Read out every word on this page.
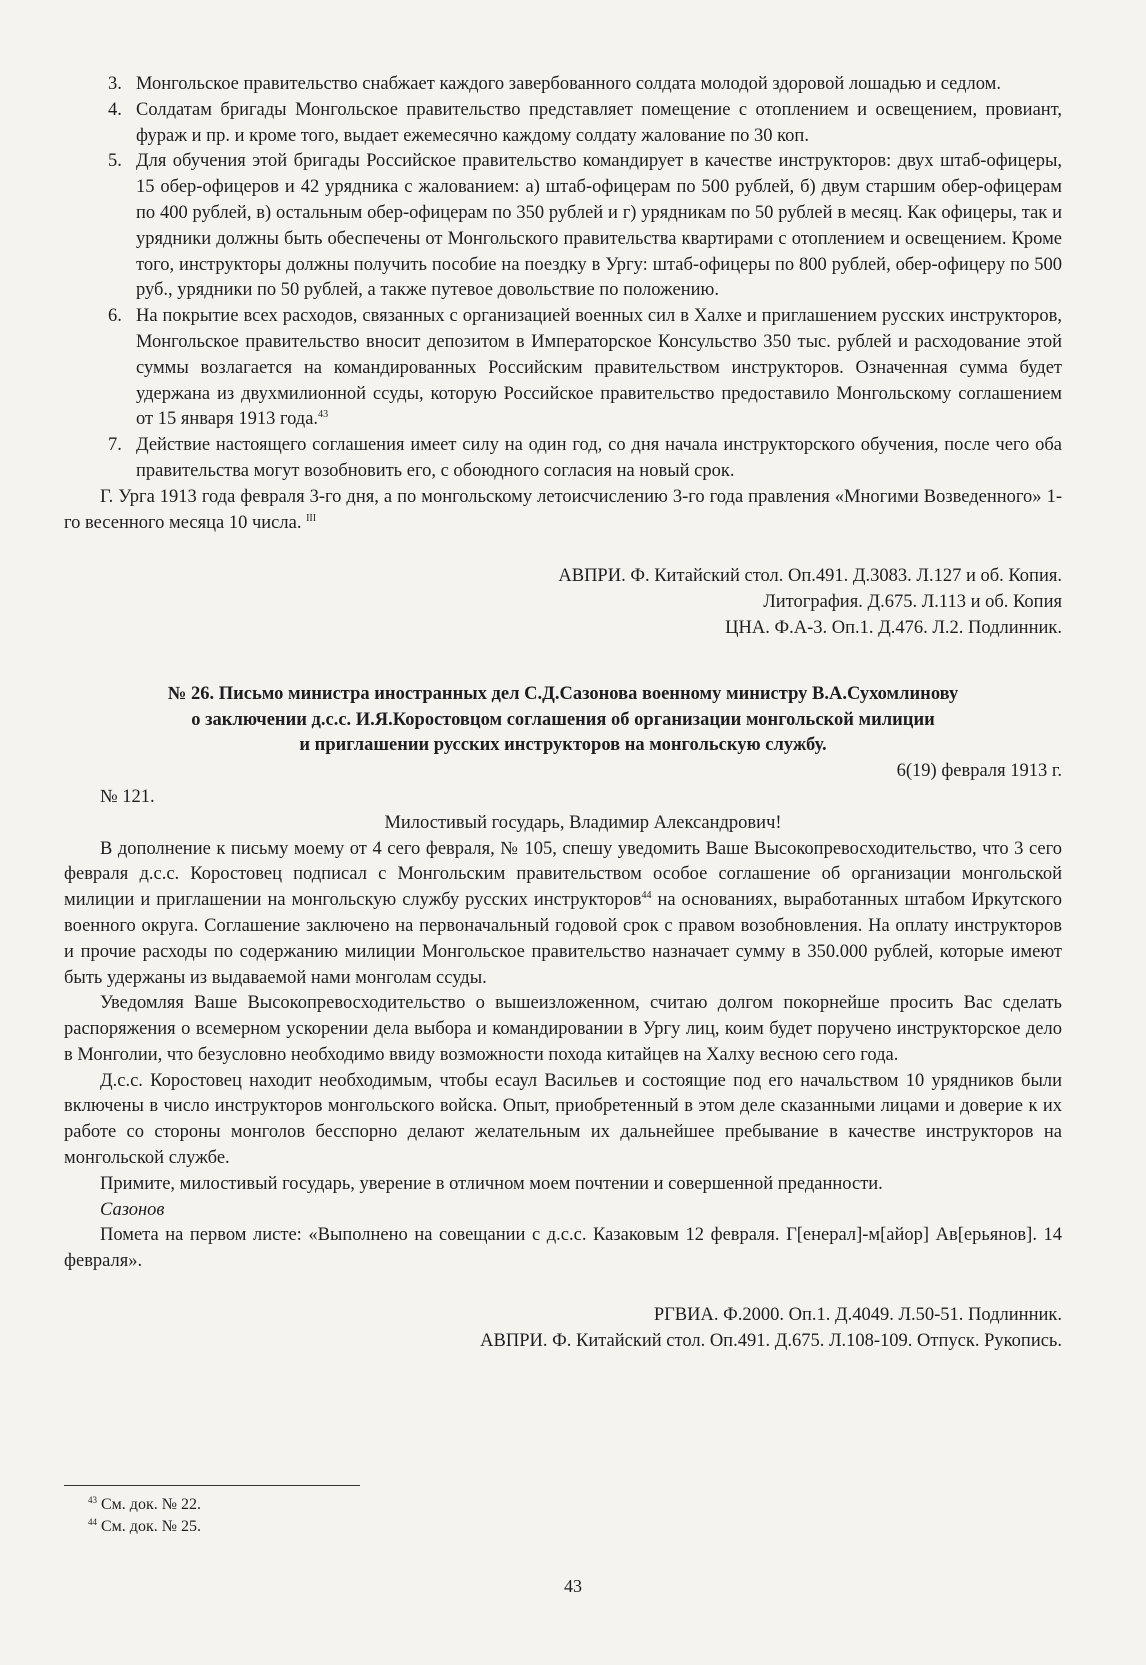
3. Монгольское правительство снабжает каждого завербованного солдата молодой здоровой лошадью и седлом.
4. Солдатам бригады Монгольское правительство представляет помещение с отоплением и освещением, провиант, фураж и пр. и кроме того, выдает ежемесячно каждому солдату жалование по 30 коп.
5. Для обучения этой бригады Российское правительство командирует в качестве инструкторов: двух штаб-офицеры, 15 обер-офицеров и 42 урядника с жалованием: а) штаб-офицерам по 500 рублей, б) двум старшим обер-офицерам по 400 рублей, в) остальным обер-офицерам по 350 рублей и г) урядникам по 50 рублей в месяц. Как офицеры, так и урядники должны быть обеспечены от Монгольского правительства квартирами с отоплением и освещением. Кроме того, инструкторы должны получить пособие на поездку в Ургу: штаб-офицеры по 800 рублей, обер-офицеру по 500 руб., урядники по 50 рублей, а также путевое довольствие по положению.
6. На покрытие всех расходов, связанных с организацией военных сил в Халхе и приглашением русских инструкторов, Монгольское правительство вносит депозитом в Императорское Консульство 350 тыс. рублей и расходование этой суммы возлагается на командированных Российским правительством инструкторов. Означенная сумма будет удержана из двухмилионной ссуды, которую Российское правительство предоставило Монгольскому соглашением от 15 января 1913 года.$^{43}$
7. Действие настоящего соглашения имеет силу на один год, со дня начала инструкторского обучения, после чего оба правительства могут возобновить его, с обоюдного согласия на новый срок.

Г. Урга 1913 года февраля 3-го дня, а по монгольскому летоисчислению 3-го года правления «Многими Возведенного» 1-го весенного месяца 10 числа. $^{III}$

АВПРИ. Ф. Китайский стол. Оп.491. Д.3083. Л.127 и об. Копия.
Литография. Д.675. Л.113 и об. Копия
ЦНА. Ф.А-3. Оп.1. Д.476. Л.2. Подлинник.
№ 26. Письмо министра иностранных дел С.Д.Сазонова военному министру В.А.Сухомлинову
о заключении д.с.с. И.Я.Коростовцом соглашения об организации монгольской милиции
и приглашении русских инструкторов на монгольскую службу.
6(19) февраля 1913 г.
№ 121.
Милостивый государь, Владимир Александрович!

В дополнение к письму моему от 4 сего февраля, № 105, спешу уведомить Ваше Высокопревосходительство, что 3 сего февраля д.с.с. Коростовец подписал с Монгольским правительством особое соглашение об организации монгольской милиции и приглашении на монгольскую службу русских инструкторов$^{44}$ на основаниях, выработанных штабом Иркутского военного округа. Соглашение заключено на первоначальный годовой срок с правом возобновления. На оплату инструкторов и прочие расходы по содержанию милиции Монгольское правительство назначает сумму в 350.000 рублей, которые имеют быть удержаны из выдаваемой нами монголам ссуды.

Уведомляя Ваше Высокопревосходительство о вышеизложенном, считаю долгом покорнейше просить Вас сделать распоряжения о всемерном ускорении дела выбора и командировании в Ургу лиц, коим будет поручено инструкторское дело в Монголии, что безусловно необходимо ввиду возможности похода китайцев на Халху весною сего года.

Д.с.с. Коростовец находит необходимым, чтобы есаул Васильев и состоящие под его начальством 10 урядников были включены в число инструкторов монгольского войска. Опыт, приобретенный в этом деле сказанными лицами и доверие к их работе со стороны монголов бесспорно делают желательным их дальнейшее пребывание в качестве инструкторов на монгольской службе.

Примите, милостивый государь, уверение в отличном моем почтении и совершенной преданности.

Сазонов

Помета на первом листе: «Выполнено на совещании с д.с.с. Казаковым 12 февраля. Г[енерал]-м[айор] Ав[ерьянов]. 14 февраля».

РГВИА. Ф.2000. Оп.1. Д.4049. Л.50-51. Подлинник.
АВПРИ. Ф. Китайский стол. Оп.491. Д.675. Л.108-109. Отпуск. Рукопись.
$^{43}$ См. док. № 22.
$^{44}$ См. док. № 25.
43
